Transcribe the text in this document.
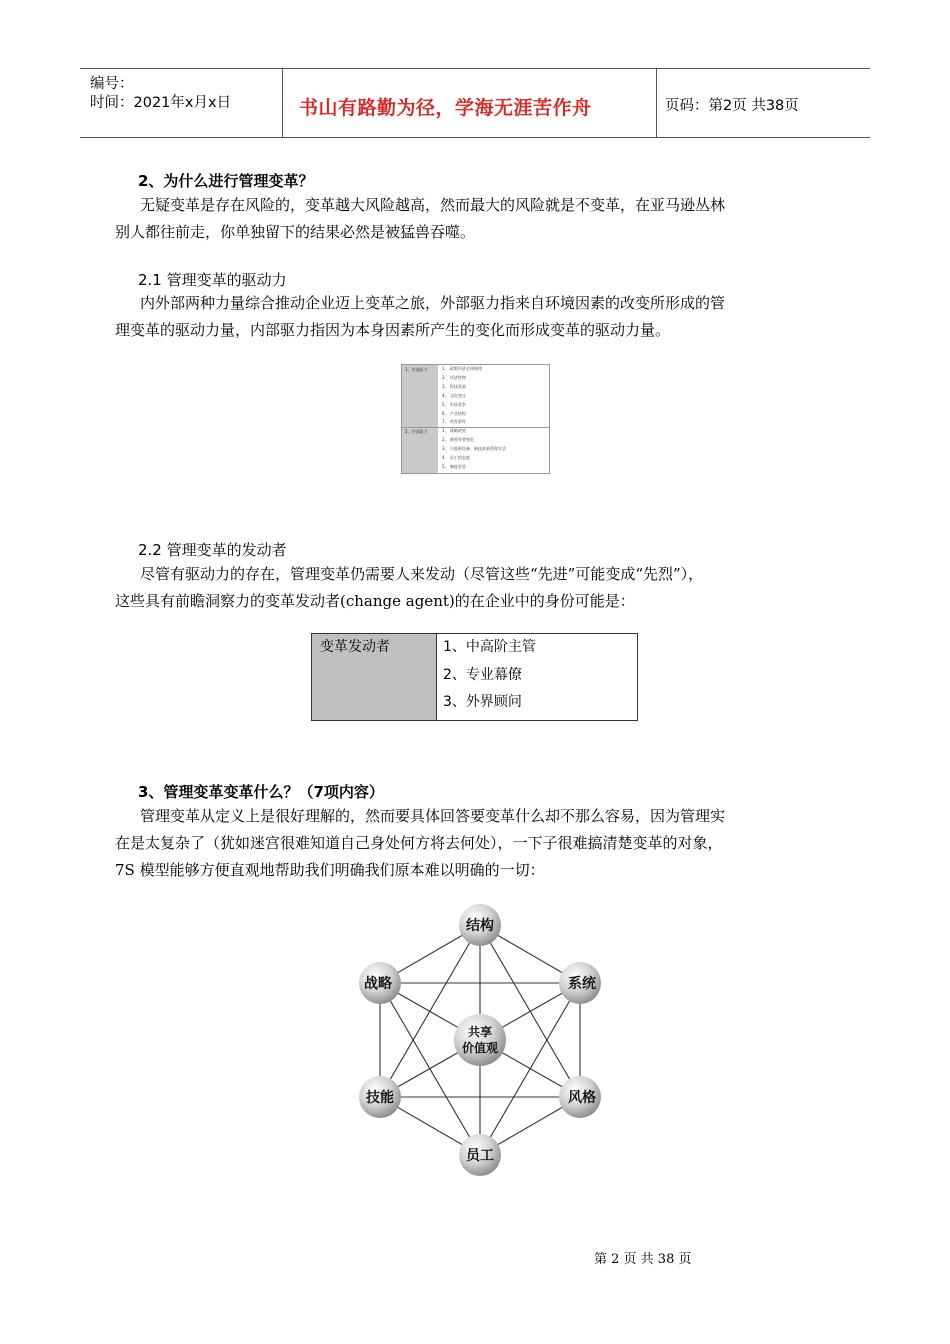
编号：
时间：2021年x月x日	书山有路勤为径，学海无涯苦作舟	页码：第2页 共38页
2、为什么进行管理变革？
无疑变革是存在风险的，变革越大风险越高，然而最大的风险就是不变革，在亚马逊丛林
别人都往前走，你单独留下的结果必然是被猛兽吞噬。
2.1 管理变革的驱动力
内外部两种力量综合推动企业迈上变革之旅，外部驱力指来自环境因素的改变所形成的管
理变革的驱动力量，内部驱力指因为本身因素所产生的变化而形成变革的驱动力量。
1、外部驱力	1、 政策经济全球规律
2、 经济性物
3、 科技发展
4、 文化变迁
5、 市场竞争
6、 产业结构
7、 突发事件
2、内部驱力	1、 战略改变
2、 新领导者变化
3、 引进新设备、新技术新管理方法
4、 员工的态度
5、 制度更迭
2.2 管理变革的发动者
尽管有驱动力的存在，管理变革仍需要人来发动（尽管这些“先进”可能变成“先烈”），
这些具有前瞻洞察力的变革发动者(change agent)的在企业中的身份可能是：
变革发动者	1、中高阶主管
2、专业幕僚
3、外界顾问
3、管理变革变革什么？（7项内容）
管理变革从定义上是很好理解的，然而要具体回答要变革什么却不那么容易，因为管理实
在是太复杂了（犹如迷宫很难知道自己身处何方将去何处），一下子很难搞清楚变革的对象，
7S 模型能够方便直观地帮助我们明确我们原本难以明确的一切：
结构
系统
风格
员工
技能
战略
共享
价值观
第 2 页 共 38 页
